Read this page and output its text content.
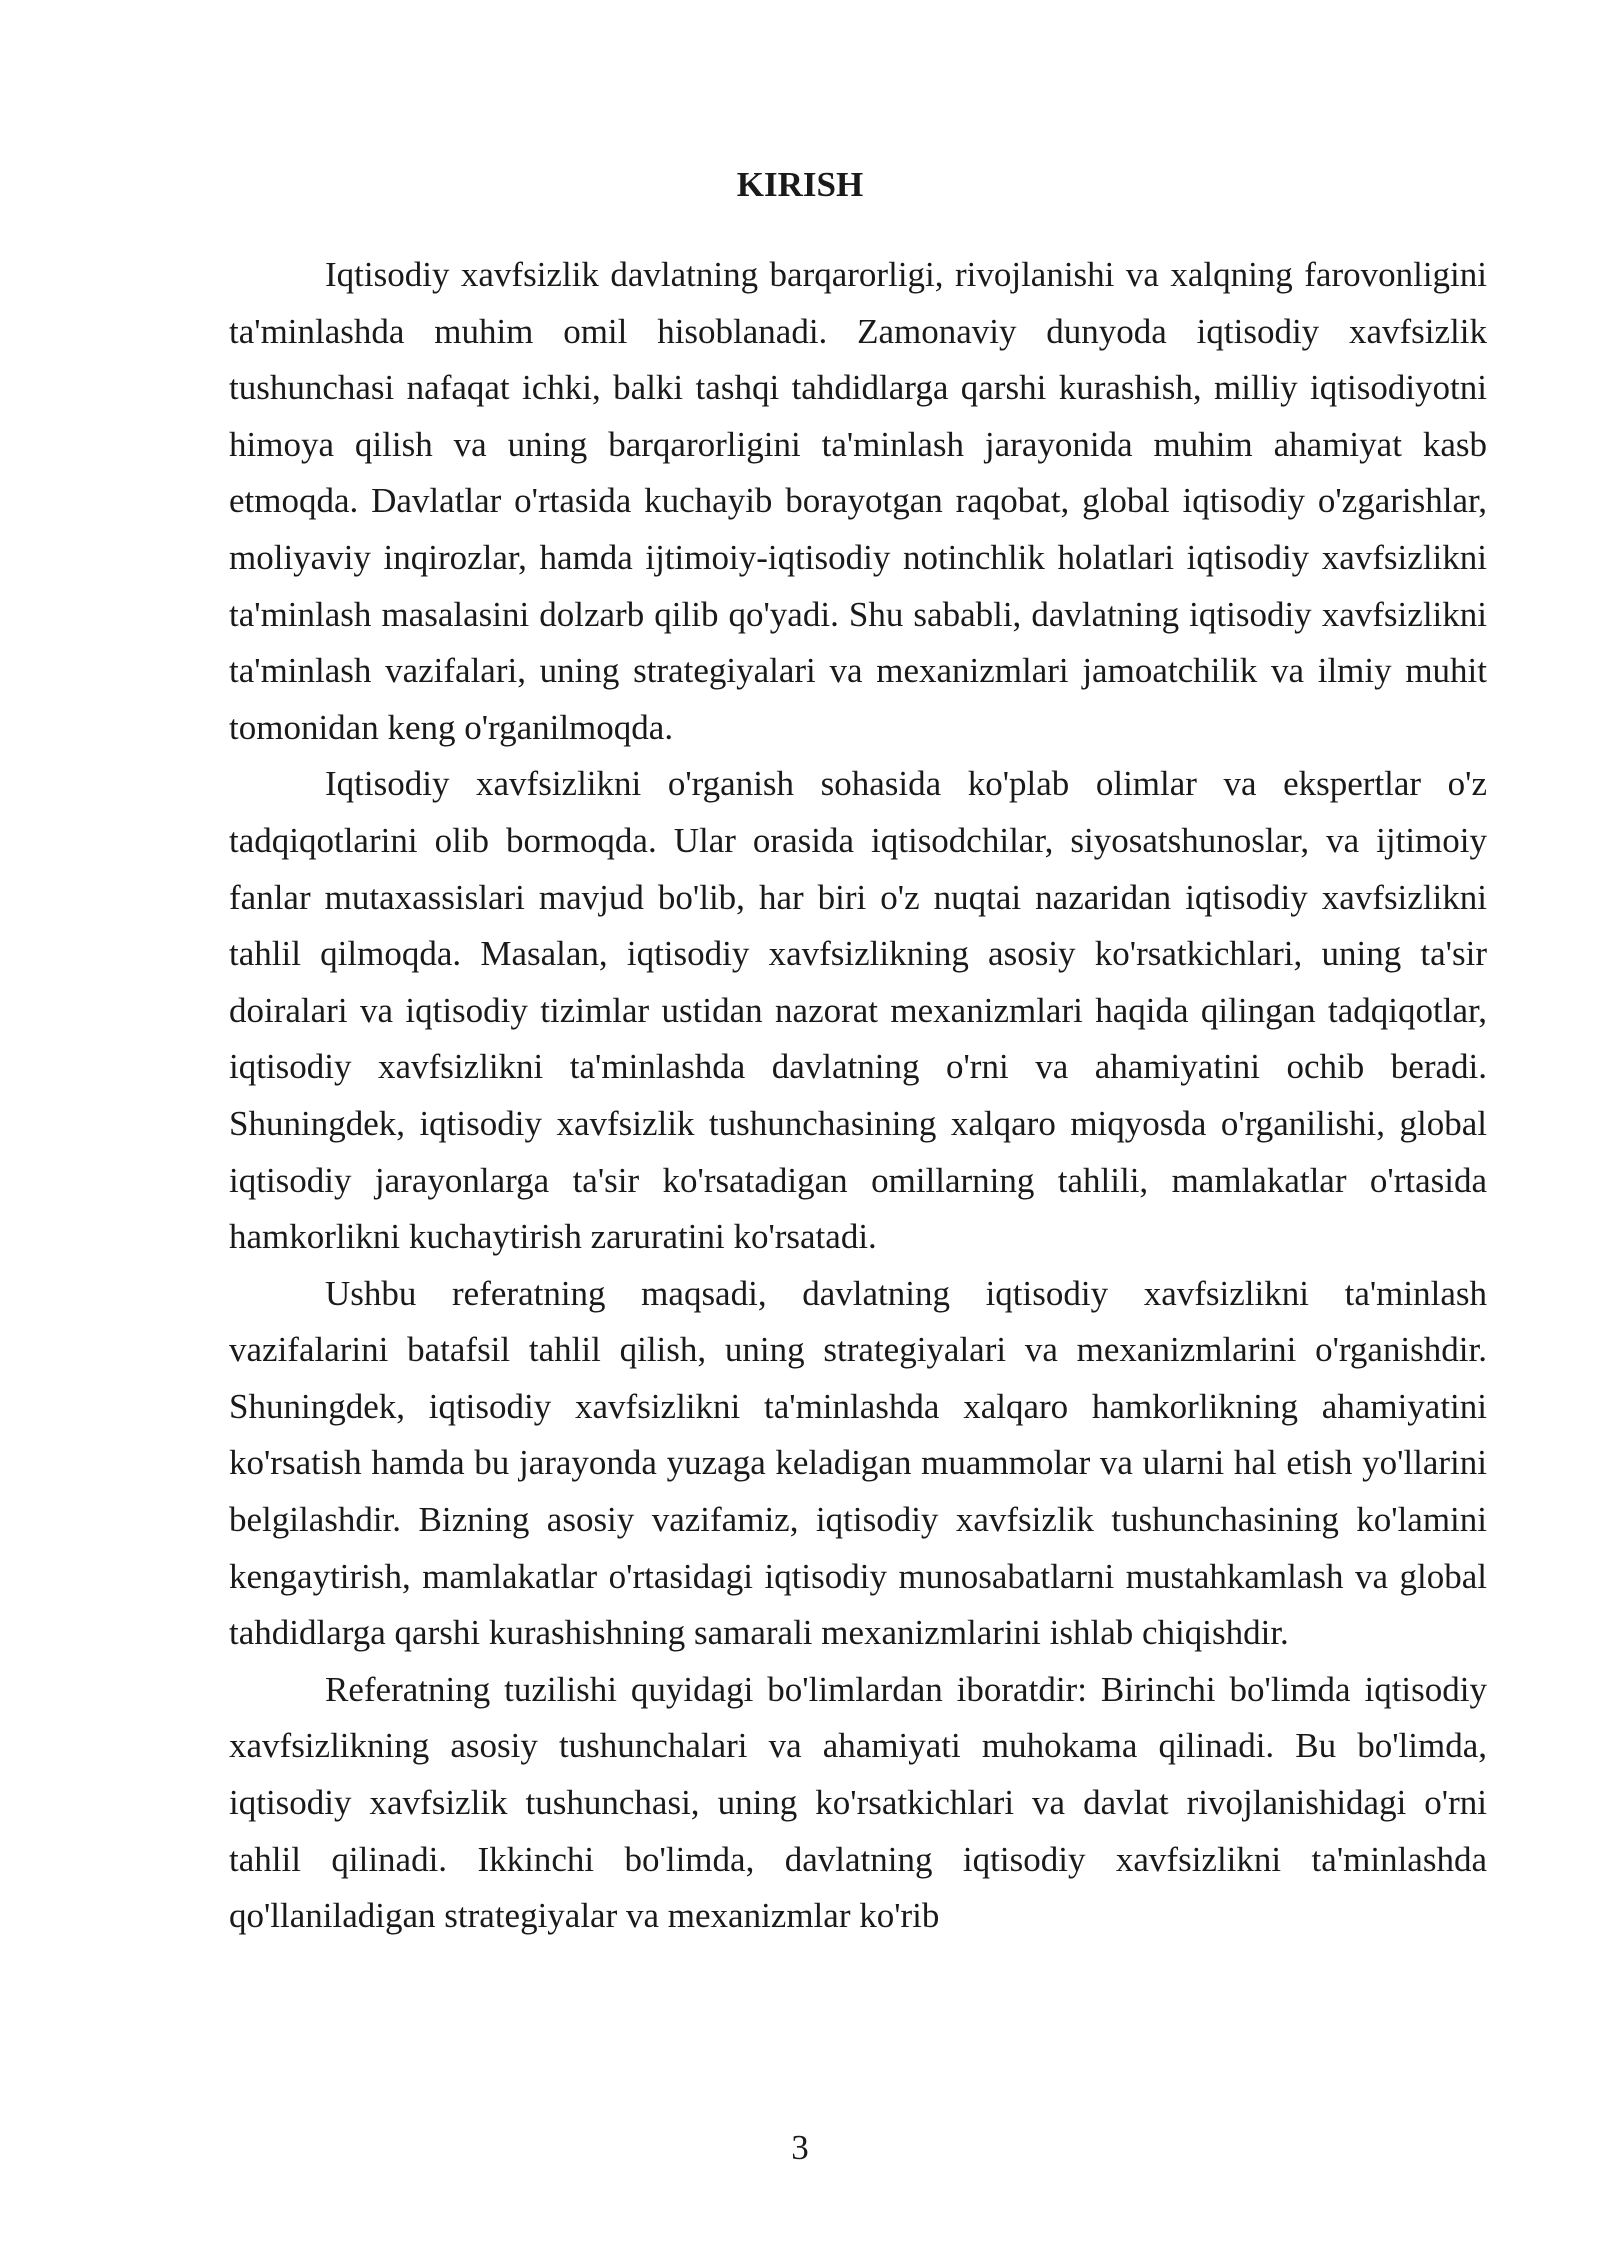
KIRISH

Iqtisodiy xavfsizlik davlatning barqarorligi, rivojlanishi va xalqning farovonligini ta'minlashda muhim omil hisoblanadi. Zamonaviy dunyoda iqtisodiy xavfsizlik tushunchasi nafaqat ichki, balki tashqi tahdidlarga qarshi kurashish, milliy iqtisodiyotni himoya qilish va uning barqarorligini ta'minlash jarayonida muhim ahamiyat kasb etmoqda. Davlatlar o'rtasida kuchayib borayotgan raqobat, global iqtisodiy o'zgarishlar, moliyaviy inqirozlar, hamda ijtimoiy-iqtisodiy notinchlik holatlari iqtisodiy xavfsizlikni ta'minlash masalasini dolzarb qilib qo'yadi. Shu sababli, davlatning iqtisodiy xavfsizlikni ta'minlash vazifalari, uning strategiyalari va mexanizmlari jamoatchilik va ilmiy muhit tomonidan keng o'rganilmoqda.

Iqtisodiy xavfsizlikni o'rganish sohasida ko'plab olimlar va ekspertlar o'z tadqiqotlarini olib bormoqda. Ular orasida iqtisodchilar, siyosatshunoslar, va ijtimoiy fanlar mutaxassislari mavjud bo'lib, har biri o'z nuqtai nazaridan iqtisodiy xavfsizlikni tahlil qilmoqda. Masalan, iqtisodiy xavfsizlikning asosiy ko'rsatkichlari, uning ta'sir doiralari va iqtisodiy tizimlar ustidan nazorat mexanizmlari haqida qilingan tadqiqotlar, iqtisodiy xavfsizlikni ta'minlashda davlatning o'rni va ahamiyatini ochib beradi. Shuningdek, iqtisodiy xavfsizlik tushunchasining xalqaro miqyosda o'rganilishi, global iqtisodiy jarayonlarga ta'sir ko'rsatadigan omillarning tahlili, mamlakatlar o'rtasida hamkorlikni kuchaytirish zaruratini ko'rsatadi.

Ushbu referatning maqsadi, davlatning iqtisodiy xavfsizlikni ta'minlash vazifalarini batafsil tahlil qilish, uning strategiyalari va mexanizmlarini o'rganishdir. Shuningdek, iqtisodiy xavfsizlikni ta'minlashda xalqaro hamkorlikning ahamiyatini ko'rsatish hamda bu jarayonda yuzaga keladigan muammolar va ularni hal etish yo'llarini belgilashdir. Bizning asosiy vazifamiz, iqtisodiy xavfsizlik tushunchasining ko'lamini kengaytirish, mamlakatlar o'rtasidagi iqtisodiy munosabatlarni mustahkamlash va global tahdidlarga qarshi kurashishning samarali mexanizmlarini ishlab chiqishdir.

Referatning tuzilishi quyidagi bo'limlardan iboratdir: Birinchi bo'limda iqtisodiy xavfsizlikning asosiy tushunchalari va ahamiyati muhokama qilinadi. Bu bo'limda, iqtisodiy xavfsizlik tushunchasi, uning ko'rsatkichlari va davlat rivojlanishidagi o'rni tahlil qilinadi. Ikkinchi bo'limda, davlatning iqtisodiy xavfsizlikni ta'minlashda qo'llaniladigan strategiyalar va mexanizmlar ko'rib

3
